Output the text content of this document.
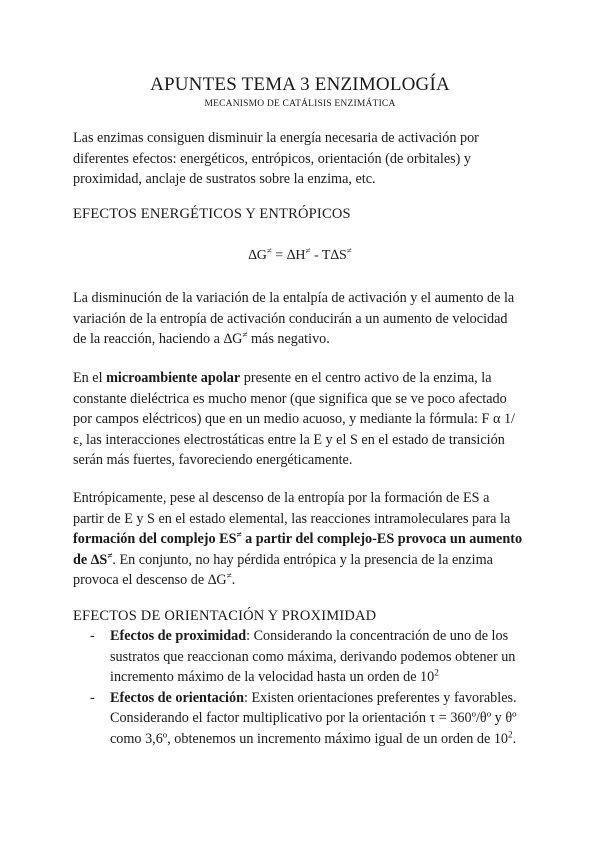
APUNTES TEMA 3 ENZIMOLOGÍA
MECANISMO DE CATÁLISIS ENZIMÁTICA

Las enzimas consiguen disminuir la energía necesaria de activación por diferentes efectos: energéticos, entrópicos, orientación (de orbitales) y proximidad, anclaje de sustratos sobre la enzima, etc.

EFECTOS ENERGÉTICOS Y ENTRÓPICOS
∆G≠ = ∆H≠ - T∆S≠

La disminución de la variación de la entalpía de activación y el aumento de la variación de la entropía de activación conducirán a un aumento de velocidad de la reacción, haciendo a ∆G≠ más negativo.

En el microambiente apolar presente en el centro activo de la enzima, la constante dieléctrica es mucho menor (que significa que se ve poco afectado por campos eléctricos) que en un medio acuoso, y mediante la fórmula: F α 1/ε, las interacciones electrostáticas entre la E y el S en el estado de transición serán más fuertes, favoreciendo energéticamente.

Entrópicamente, pese al descenso de la entropía por la formación de ES a partir de E y S en el estado elemental, las reacciones intramoleculares para la formación del complejo ES≠ a partir del complejo-ES provoca un aumento de ∆S≠. En conjunto, no hay pérdida entrópica y la presencia de la enzima provoca el descenso de ∆G≠.

EFECTOS DE ORIENTACIÓN Y PROXIMIDAD
- Efectos de proximidad: Considerando la concentración de uno de los sustratos que reaccionan como máxima, derivando podemos obtener un incremento máximo de la velocidad hasta un orden de $10^2$
- Efectos de orientación: Existen orientaciones preferentes y favorables. Considerando el factor multiplicativo por la orientación τ = 360º/θº y θº como 3,6º, obtenemos un incremento máximo igual de un orden de $10^2$.
